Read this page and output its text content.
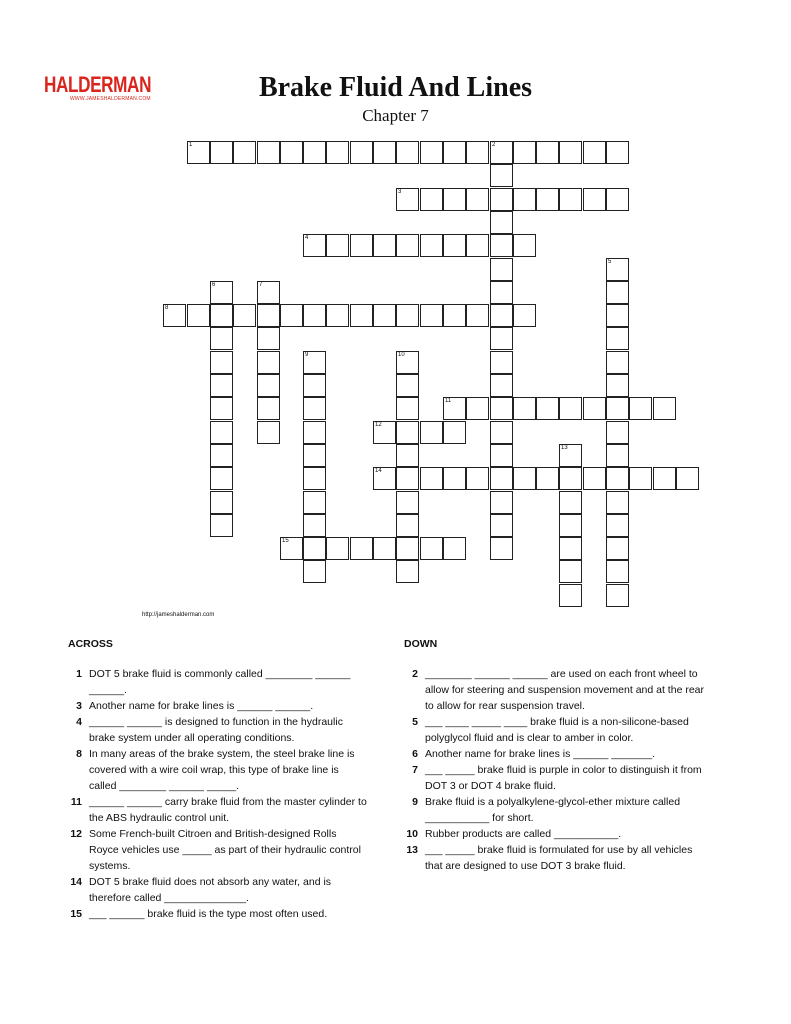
HALDERMAN
WWW.JAMESHALDERMAN.COM	Brake Fluid And Lines
Chapter 7
1	2
3
4
5
6	7
8
9	10
11
12
13
14
15
http://jameshalderman.com
ACROSS
1 DOT 5 brake fluid is commonly called ________ ______ ______.
3 Another name for brake lines is ______ ______.
4 ______ ______ is designed to function in the hydraulic brake system under all operating conditions.
8 In many areas of the brake system, the steel brake line is covered with a wire coil wrap, this type of brake line is called ________ ______ _____.
11 ______ ______ carry brake fluid from the master cylinder to the ABS hydraulic control unit.
12 Some French-built Citroen and British-designed Rolls Royce vehicles use _____ as part of their hydraulic control systems.
14 DOT 5 brake fluid does not absorb any water, and is therefore called ______________.
15 ___ ______ brake fluid is the type most often used.
DOWN
2 ________ ______ ______ are used on each front wheel to allow for steering and suspension movement and at the rear to allow for rear suspension travel.
5 ___ ____ _____ ____ brake fluid is a non-silicone-based polyglycol fluid and is clear to amber in color.
6 Another name for brake lines is ______ _______.
7 ___ _____ brake fluid is purple in color to distinguish it from DOT 3 or DOT 4 brake fluid.
9 Brake fluid is a polyalkylene-glycol-ether mixture called ___________ for short.
10 Rubber products are called ___________.
13 ___ _____ brake fluid is formulated for use by all vehicles that are designed to use DOT 3 brake fluid.
